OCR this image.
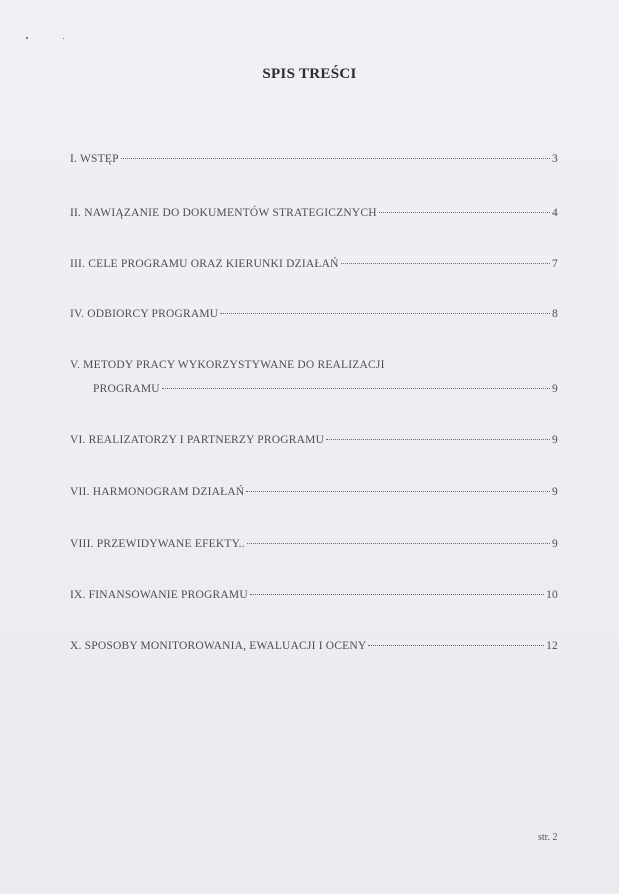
SPIS TREŚCI
I. WSTĘP	3
II. NAWIĄZANIE DO DOKUMENTÓW STRATEGICZNYCH	4
III. CELE PROGRAMU ORAZ KIERUNKI DZIAŁAŃ	7
IV. ODBIORCY PROGRAMU	8
V. METODY PRACY WYKORZYSTYWANE DO REALIZACJI
PROGRAMU	9
VI. REALIZATORZY I PARTNERZY PROGRAMU	9
VII. HARMONOGRAM DZIAŁAŃ	9
VIII. PRZEWIDYWANE EFEKTY..	9
IX. FINANSOWANIE PROGRAMU	10
X. SPOSOBY MONITOROWANIA, EWALUACJI I OCENY	12
str. 2
